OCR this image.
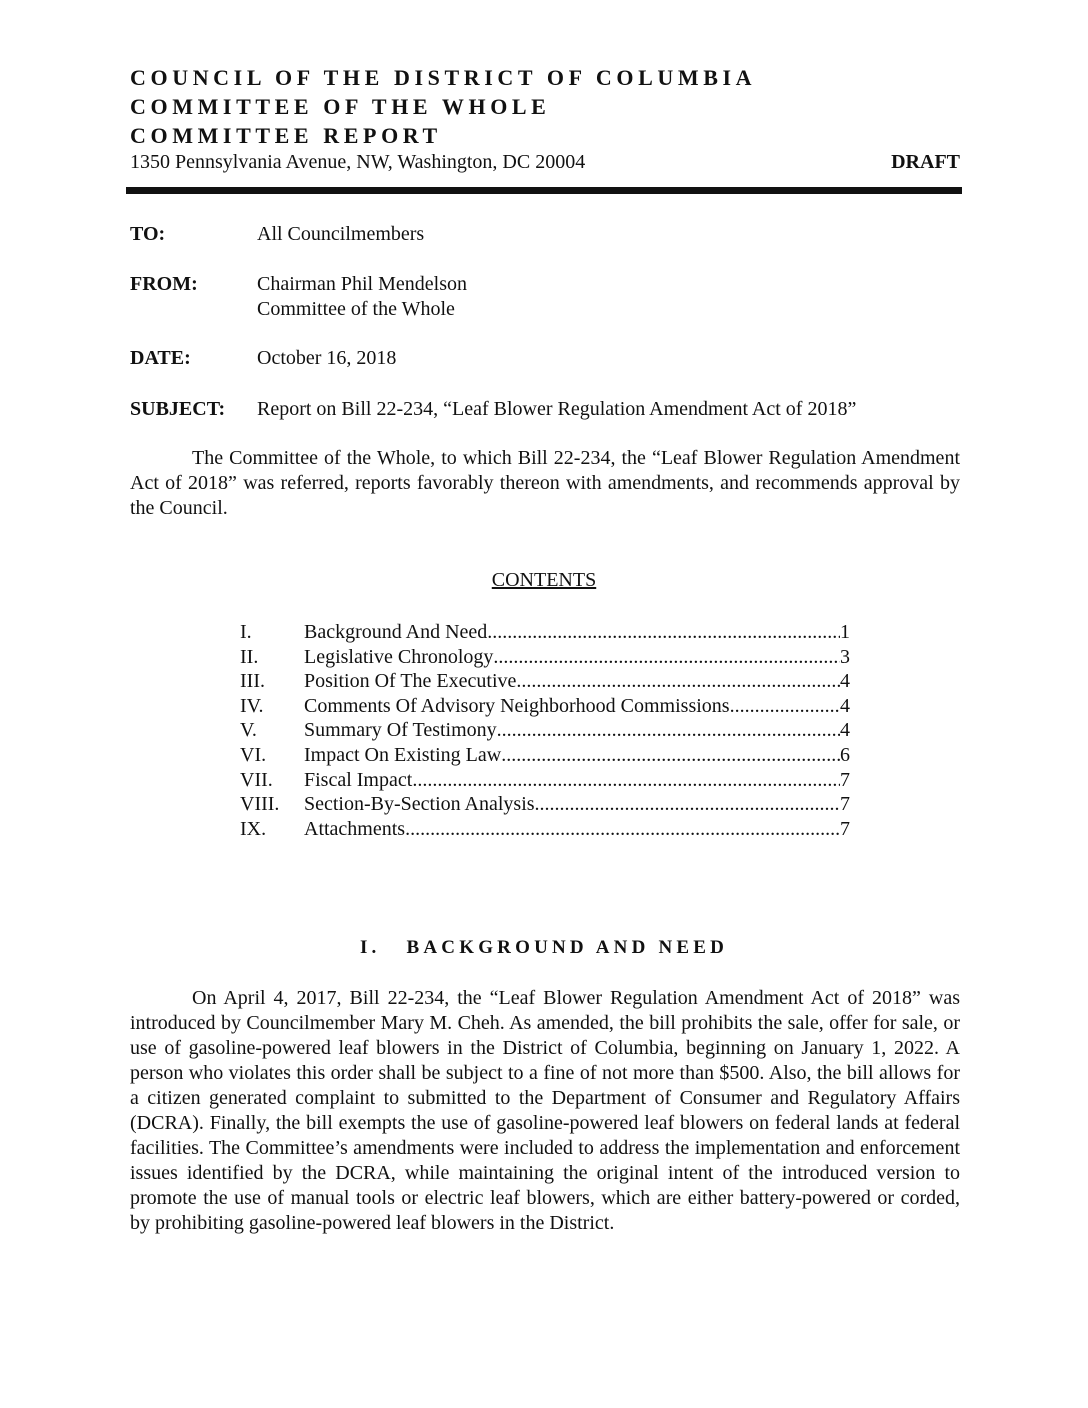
COUNCIL OF THE DISTRICT OF COLUMBIA
COMMITTEE OF THE WHOLE
COMMITTEE REPORT
1350 Pennsylvania Avenue, NW, Washington, DC 20004	DRAFT
TO:	All Councilmembers
FROM:	Chairman Phil Mendelson
Committee of the Whole
DATE:	October 16, 2018
SUBJECT: Report on Bill 22-234, “Leaf Blower Regulation Amendment Act of 2018”

The Committee of the Whole, to which Bill 22-234, the “Leaf Blower Regulation Amendment Act of 2018” was referred, reports favorably thereon with amendments, and recommends approval by the Council.

CONTENTS
I.	Background And Need .....	1
II.	Legislative Chronology .....	3
III.	Position Of The Executive .....	4
IV.	Comments Of Advisory Neighborhood Commissions .....	4
V.	Summary Of Testimony .....	4
VI.	Impact On Existing Law .....	6
VII.	Fiscal Impact .....	7
VIII.	Section-By-Section Analysis .....	7
IX.	Attachments .....	7
I. BACKGROUND AND NEED

On April 4, 2017, Bill 22-234, the “Leaf Blower Regulation Amendment Act of 2018” was introduced by Councilmember Mary M. Cheh. As amended, the bill prohibits the sale, offer for sale, or use of gasoline-powered leaf blowers in the District of Columbia, beginning on January 1, 2022. A person who violates this order shall be subject to a fine of not more than $500. Also, the bill allows for a citizen generated complaint to submitted to the Department of Consumer and Regulatory Affairs (DCRA). Finally, the bill exempts the use of gasoline-powered leaf blowers on federal lands at federal facilities. The Committee’s amendments were included to address the implementation and enforcement issues identified by the DCRA, while maintaining the original intent of the introduced version to promote the use of manual tools or electric leaf blowers, which are either battery-powered or corded, by prohibiting gasoline-powered leaf blowers in the District.
